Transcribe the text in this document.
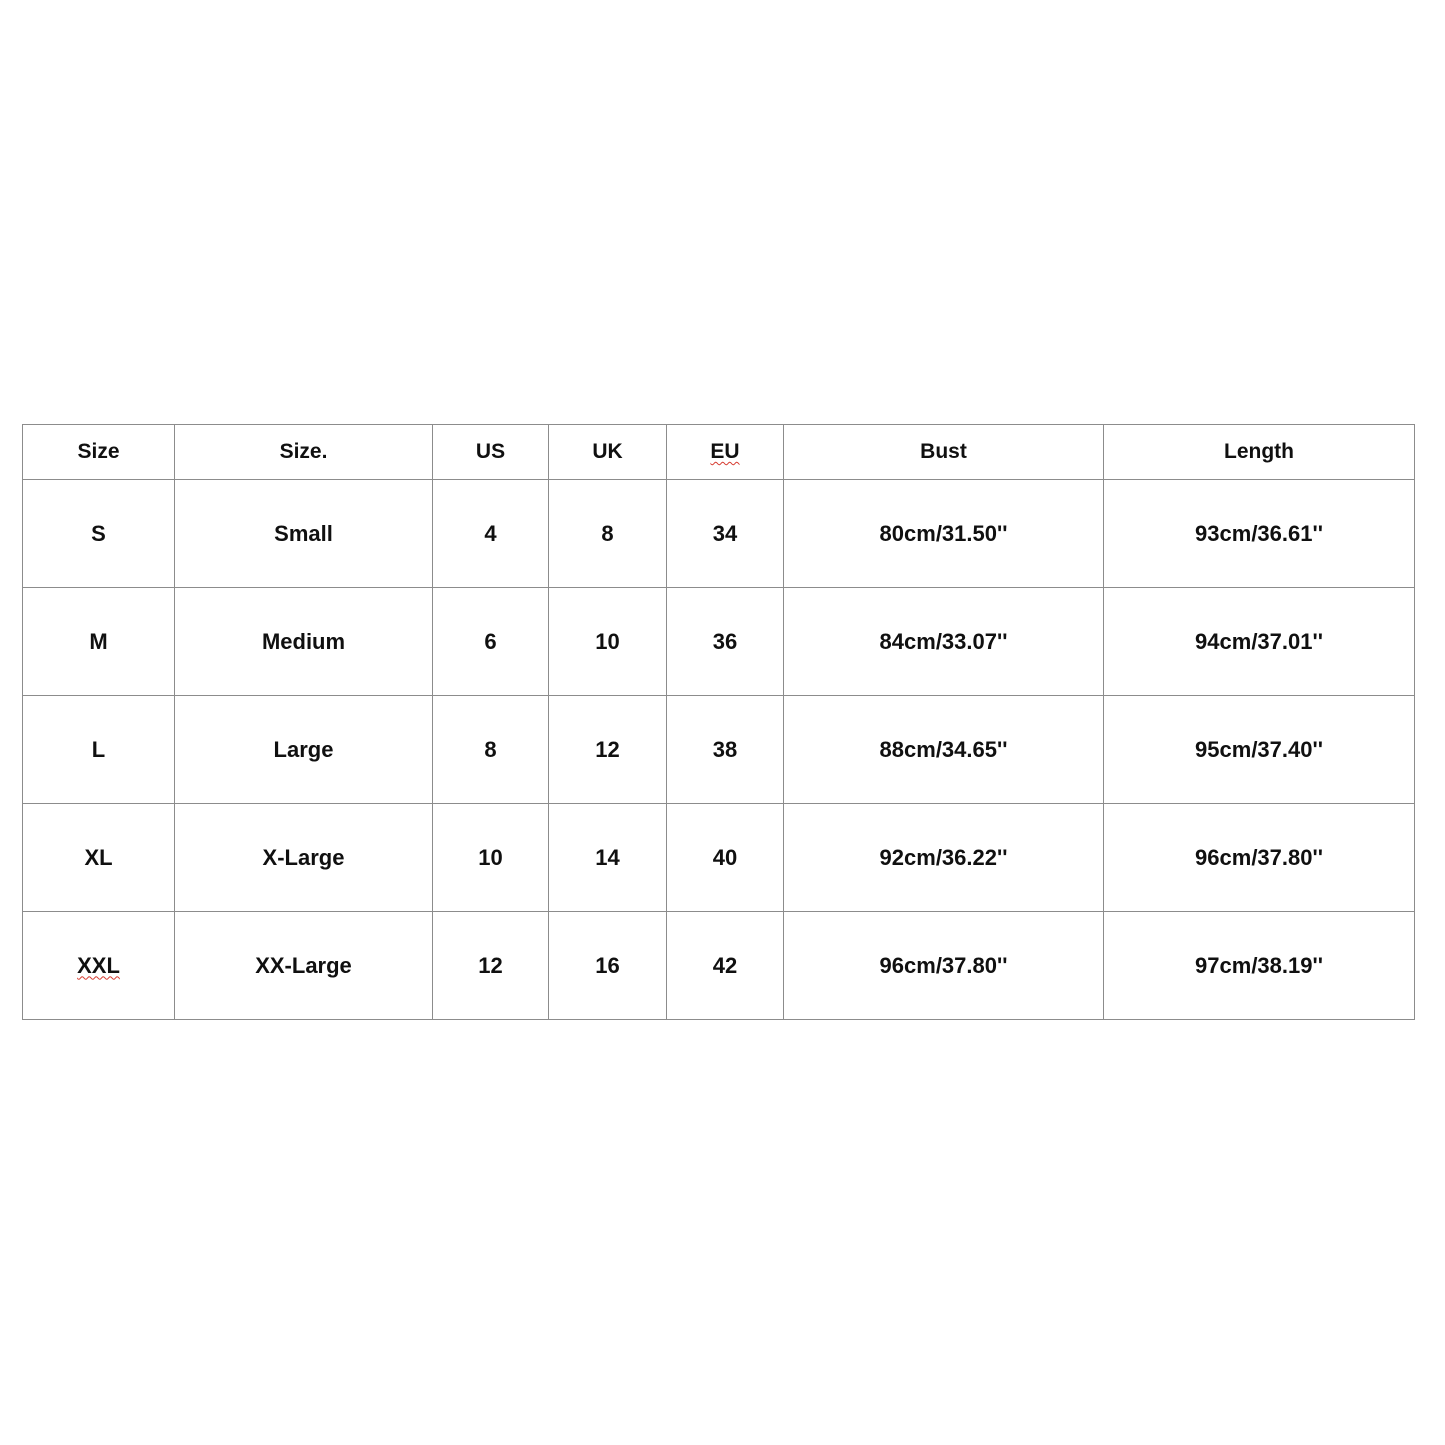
Size	Size.	US	UK	EU	Bust	Length
S	Small	4	8	34	80cm/31.50''	93cm/36.61''
M	Medium	6	10	36	84cm/33.07''	94cm/37.01''
L	Large	8	12	38	88cm/34.65''	95cm/37.40''
XL	X-Large	10	14	40	92cm/36.22''	96cm/37.80''
XXL	XX-Large	12	16	42	96cm/37.80''	97cm/38.19''
